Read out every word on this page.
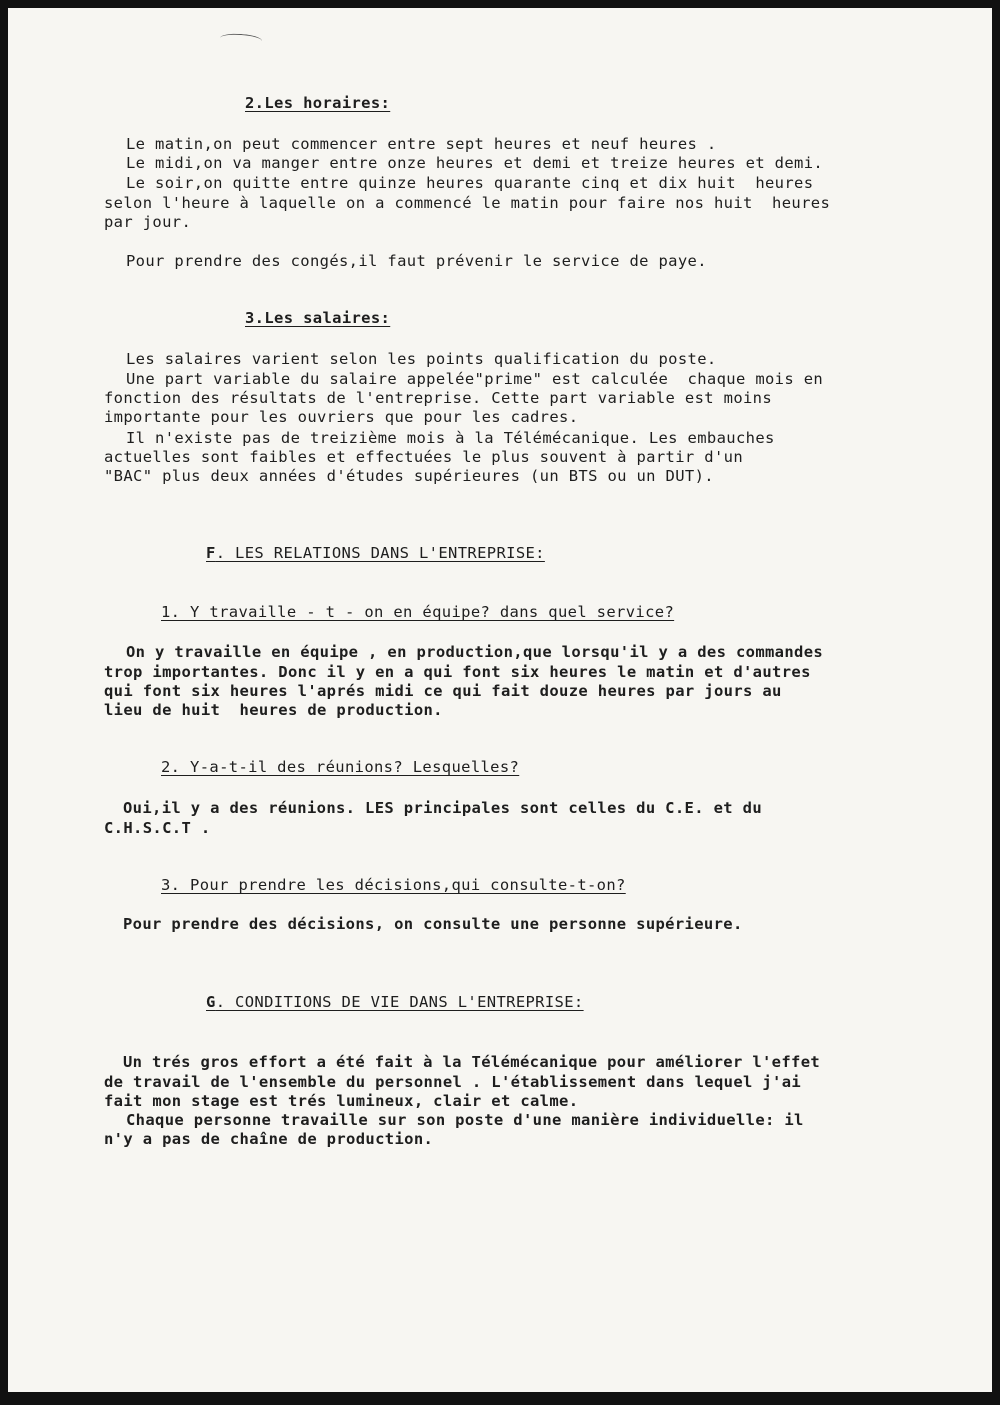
2.Les horaires:
Le matin,on peut commencer entre sept heures et neuf heures .
Le midi,on va manger entre onze heures et demi et treize heures et demi.
Le soir,on quitte entre quinze heures quarante cinq et dix huit  heures
selon l'heure à laquelle on a commencé le matin pour faire nos huit  heures
par jour.
Pour prendre des congés,il faut prévenir le service de paye.
3.Les salaires:
Les salaires varient selon les points qualification du poste.
Une part variable du salaire appelée"prime" est calculée  chaque mois en
fonction des résultats de l'entreprise. Cette part variable est moins
importante pour les ouvriers que pour les cadres.
Il n'existe pas de treizième mois à la Télémécanique. Les embauches
actuelles sont faibles et effectuées le plus souvent à partir d'un
"BAC" plus deux années d'études supérieures (un BTS ou un DUT).
F. LES RELATIONS DANS L'ENTREPRISE:
1. Y travaille - t - on en équipe? dans quel service?
On y travaille en équipe , en production,que lorsqu'il y a des commandes
trop importantes. Donc il y en a qui font six heures le matin et d'autres
qui font six heures l'aprés midi ce qui fait douze heures par jours au
lieu de huit  heures de production.
2. Y-a-t-il des réunions? Lesquelles?
Oui,il y a des réunions. LES principales sont celles du C.E. et du
C.H.S.C.T .
3. Pour prendre les décisions,qui consulte-t-on?
Pour prendre des décisions, on consulte une personne supérieure.
G. CONDITIONS DE VIE DANS L'ENTREPRISE:
Un trés gros effort a été fait à la Télémécanique pour améliorer l'effet
de travail de l'ensemble du personnel . L'établissement dans lequel j'ai
fait mon stage est trés lumineux, clair et calme.
Chaque personne travaille sur son poste d'une manière individuelle: il
n'y a pas de chaîne de production.
